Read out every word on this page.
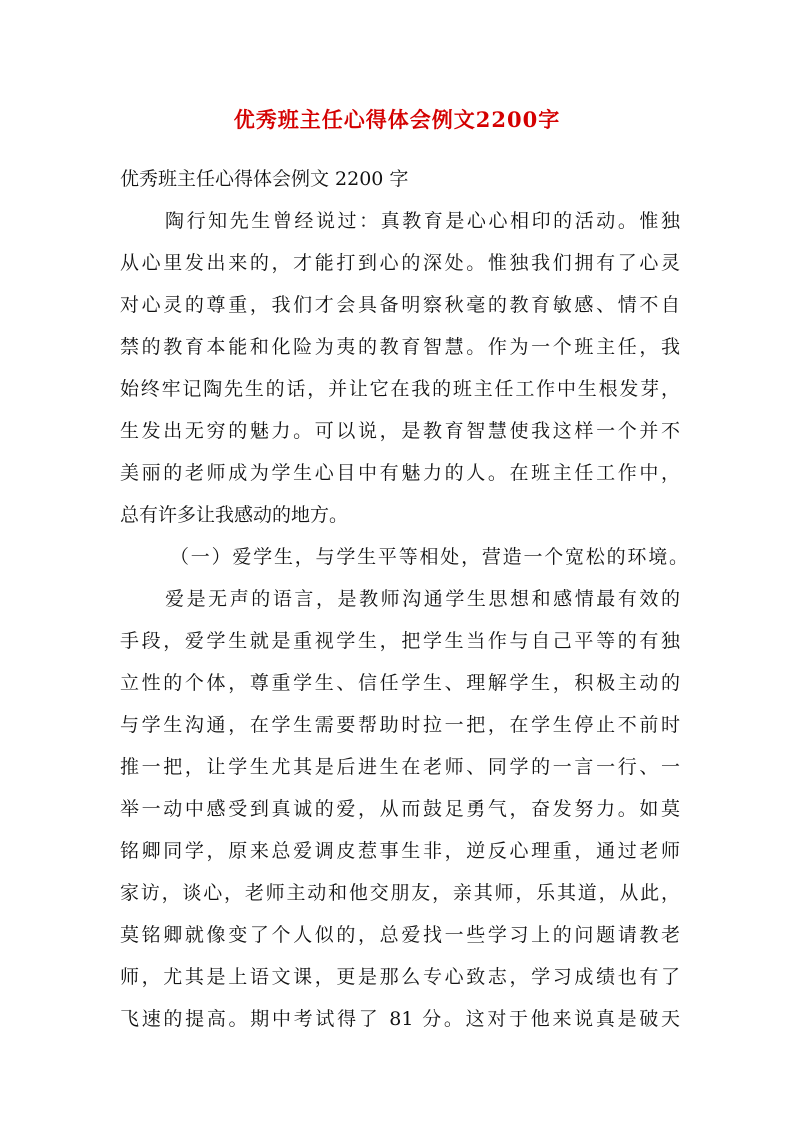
优秀班主任心得体会例文2200字
优秀班主任心得体会例文 2200 字
陶行知先生曾经说过：真教育是心心相印的活动。惟独
从心里发出来的，才能打到心的深处。惟独我们拥有了心灵
对心灵的尊重，我们才会具备明察秋毫的教育敏感、情不自
禁的教育本能和化险为夷的教育智慧。作为一个班主任，我
始终牢记陶先生的话，并让它在我的班主任工作中生根发芽，
生发出无穷的魅力。可以说，是教育智慧使我这样一个并不
美丽的老师成为学生心目中有魅力的人。在班主任工作中，
总有许多让我感动的地方。
（一）爱学生，与学生平等相处，营造一个宽松的环境。
爱是无声的语言，是教师沟通学生思想和感情最有效的
手段，爱学生就是重视学生，把学生当作与自己平等的有独
立性的个体，尊重学生、信任学生、理解学生，积极主动的
与学生沟通，在学生需要帮助时拉一把，在学生停止不前时
推一把，让学生尤其是后进生在老师、同学的一言一行、一
举一动中感受到真诚的爱，从而鼓足勇气，奋发努力。如莫
铭卿同学，原来总爱调皮惹事生非，逆反心理重，通过老师
家访，谈心，老师主动和他交朋友，亲其师，乐其道，从此，
莫铭卿就像变了个人似的，总爱找一些学习上的问题请教老
师，尤其是上语文课，更是那么专心致志，学习成绩也有了
飞速的提高。期中考试得了 81 分。这对于他来说真是破天
